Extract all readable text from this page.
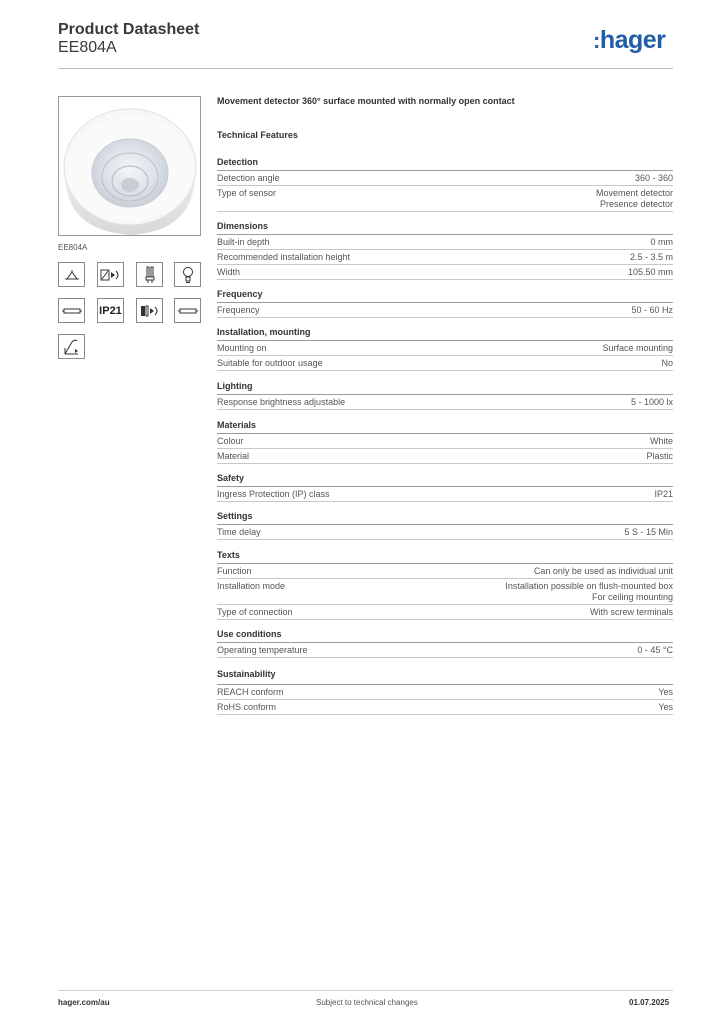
Product Datasheet
EE804A	:hager
EE804A
IP21
Movement detector 360° surface mounted with normally open contact
Technical Features
Detection
Detection angle	360 - 360
Type of sensor	Movement detector
Presence detector
Dimensions
Built-in depth	0 mm
Recommended installation height	2.5 - 3.5 m
Width	105.50 mm
Frequency
Frequency	50 - 60 Hz
Installation, mounting
Mounting on	Surface mounting
Suitable for outdoor usage	No
Lighting
Response brightness adjustable	5 - 1000 lx
Materials
Colour	White
Material	Plastic
Safety
Ingress Protection (IP) class	IP21
Settings
Time delay	5 S - 15 Min
Texts
Function	Can only be used as individual unit
Installation mode	Installation possible on flush-mounted box
For ceiling mounting
Type of connection	With screw terminals
Use conditions
Operating temperature	0 - 45 °C
Sustainability
REACH conform	Yes
RoHS conform	Yes
hager.com/au	Subject to technical changes	01.07.2025
